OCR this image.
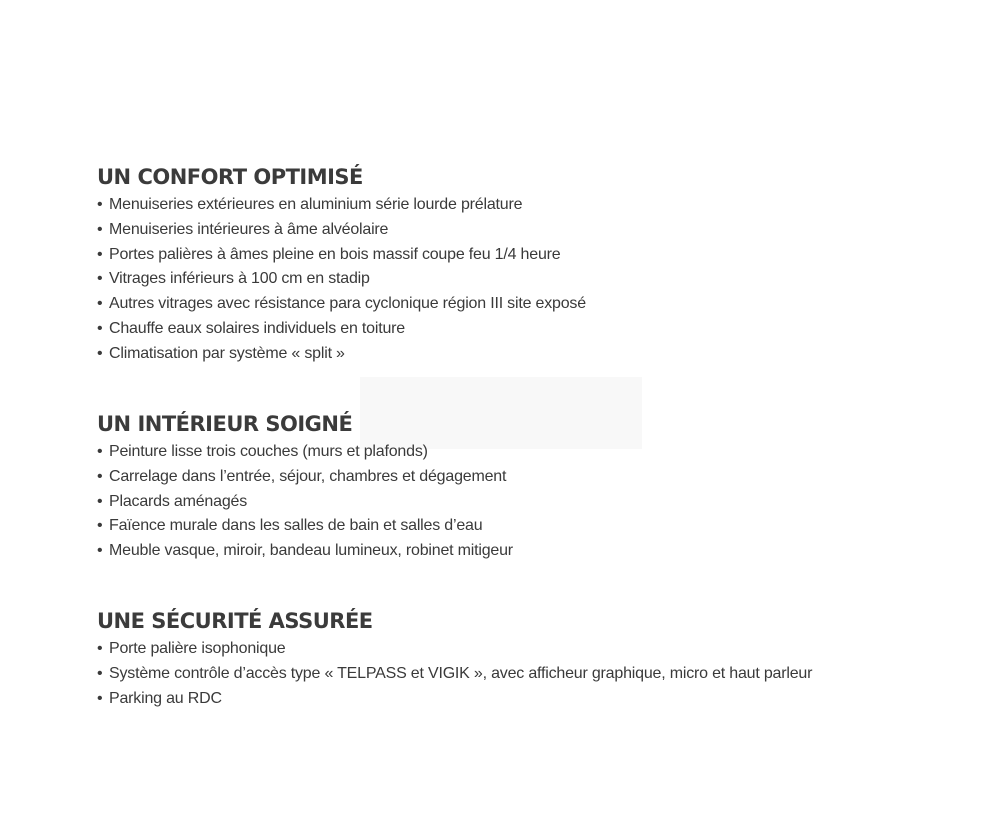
UN CONFORT OPTIMISÉ
• Menuiseries extérieures en aluminium série lourde prélature
• Menuiseries intérieures à âme alvéolaire
• Portes palières à âmes pleine en bois massif coupe feu 1/4 heure
• Vitrages inférieurs à 100 cm en stadip
• Autres vitrages avec résistance para cyclonique région III site exposé
• Chauffe eaux solaires individuels en toiture
• Climatisation par système « split »
UN INTÉRIEUR SOIGNÉ
• Peinture lisse trois couches (murs et plafonds)
• Carrelage dans l’entrée, séjour, chambres et dégagement
• Placards aménagés
• Faïence murale dans les salles de bain et salles d’eau
• Meuble vasque, miroir, bandeau lumineux, robinet mitigeur
UNE SÉCURITÉ ASSURÉE
• Porte palière isophonique
• Système contrôle d’accès type « TELPASS et VIGIK », avec afficheur graphique, micro et haut parleur
• Parking au RDC
